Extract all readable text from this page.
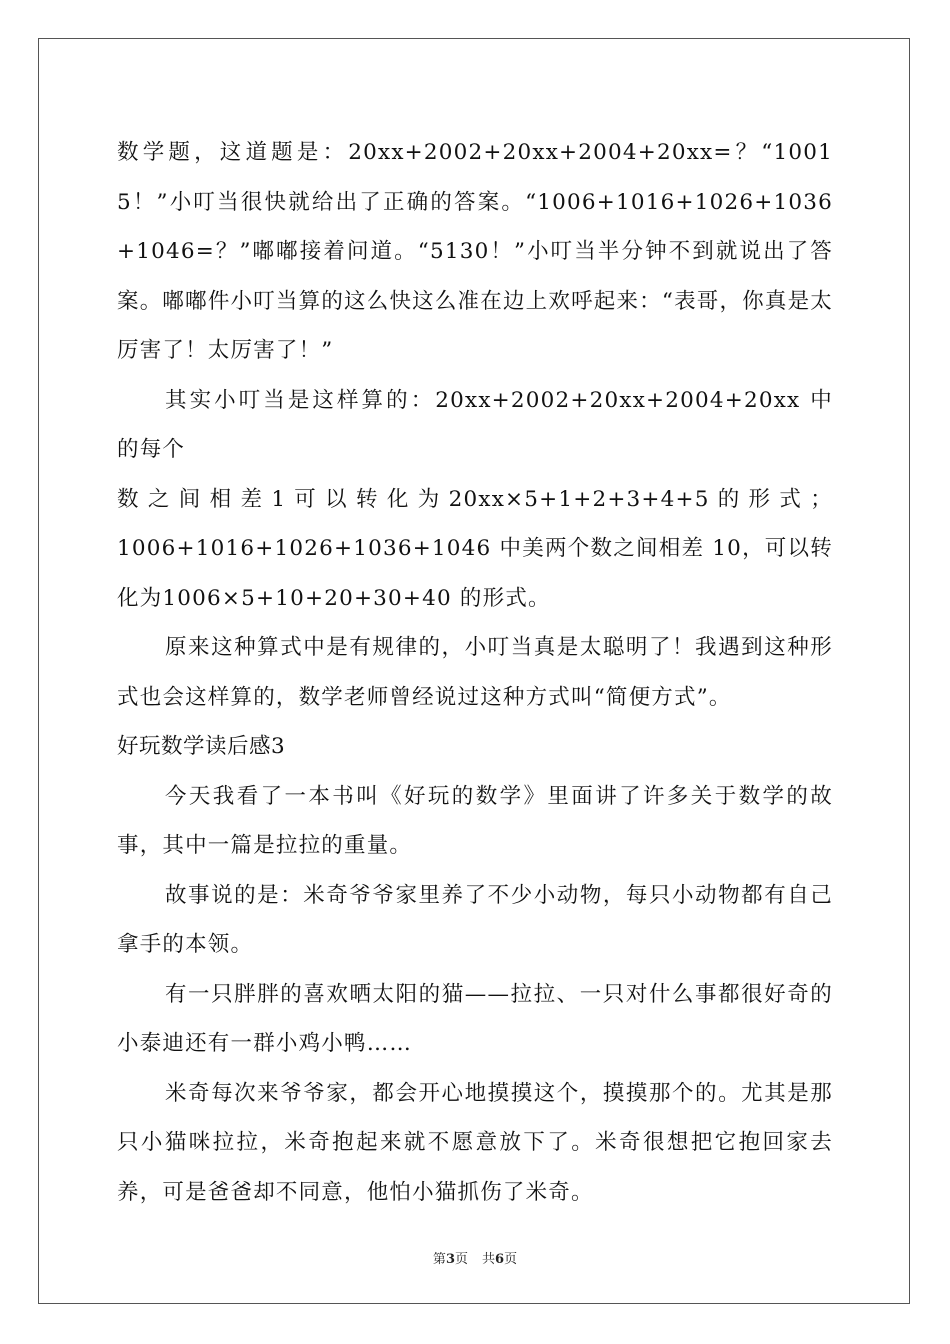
数学题，这道题是：20xx+2002+20xx+2004+20xx=？“10015！”小叮当很快就给出了正确的答案。“1006+1016+1026+1036+1046=？”嘟嘟接着问道。“5130！”小叮当半分钟不到就说出了答案。嘟嘟件小叮当算的这么快这么准在边上欢呼起来：“表哥，你真是太厉害了！太厉害了！”

其实小叮当是这样算的：20xx+2002+20xx+2004+20xx 中的每个

数 之 间 相 差 1 可 以 转 化 为 20xx×5+1+2+3+4+5 的 形 式 ；

1006+1016+1026+1036+1046 中美两个数之间相差 10，可以转化为1006×5+10+20+30+40 的形式。

原来这种算式中是有规律的，小叮当真是太聪明了！我遇到这种形式也会这样算的，数学老师曾经说过这种方式叫“简便方式”。

好玩数学读后感3

今天我看了一本书叫《好玩的数学》里面讲了许多关于数学的故事，其中一篇是拉拉的重量。

故事说的是：米奇爷爷家里养了不少小动物，每只小动物都有自己拿手的本领。

有一只胖胖的喜欢晒太阳的猫——拉拉、一只对什么事都很好奇的小泰迪还有一群小鸡小鸭……

米奇每次来爷爷家，都会开心地摸摸这个，摸摸那个的。尤其是那只小猫咪拉拉，米奇抱起来就不愿意放下了。米奇很想把它抱回家去养，可是爸爸却不同意，他怕小猫抓伤了米奇。

第3页 共6页
